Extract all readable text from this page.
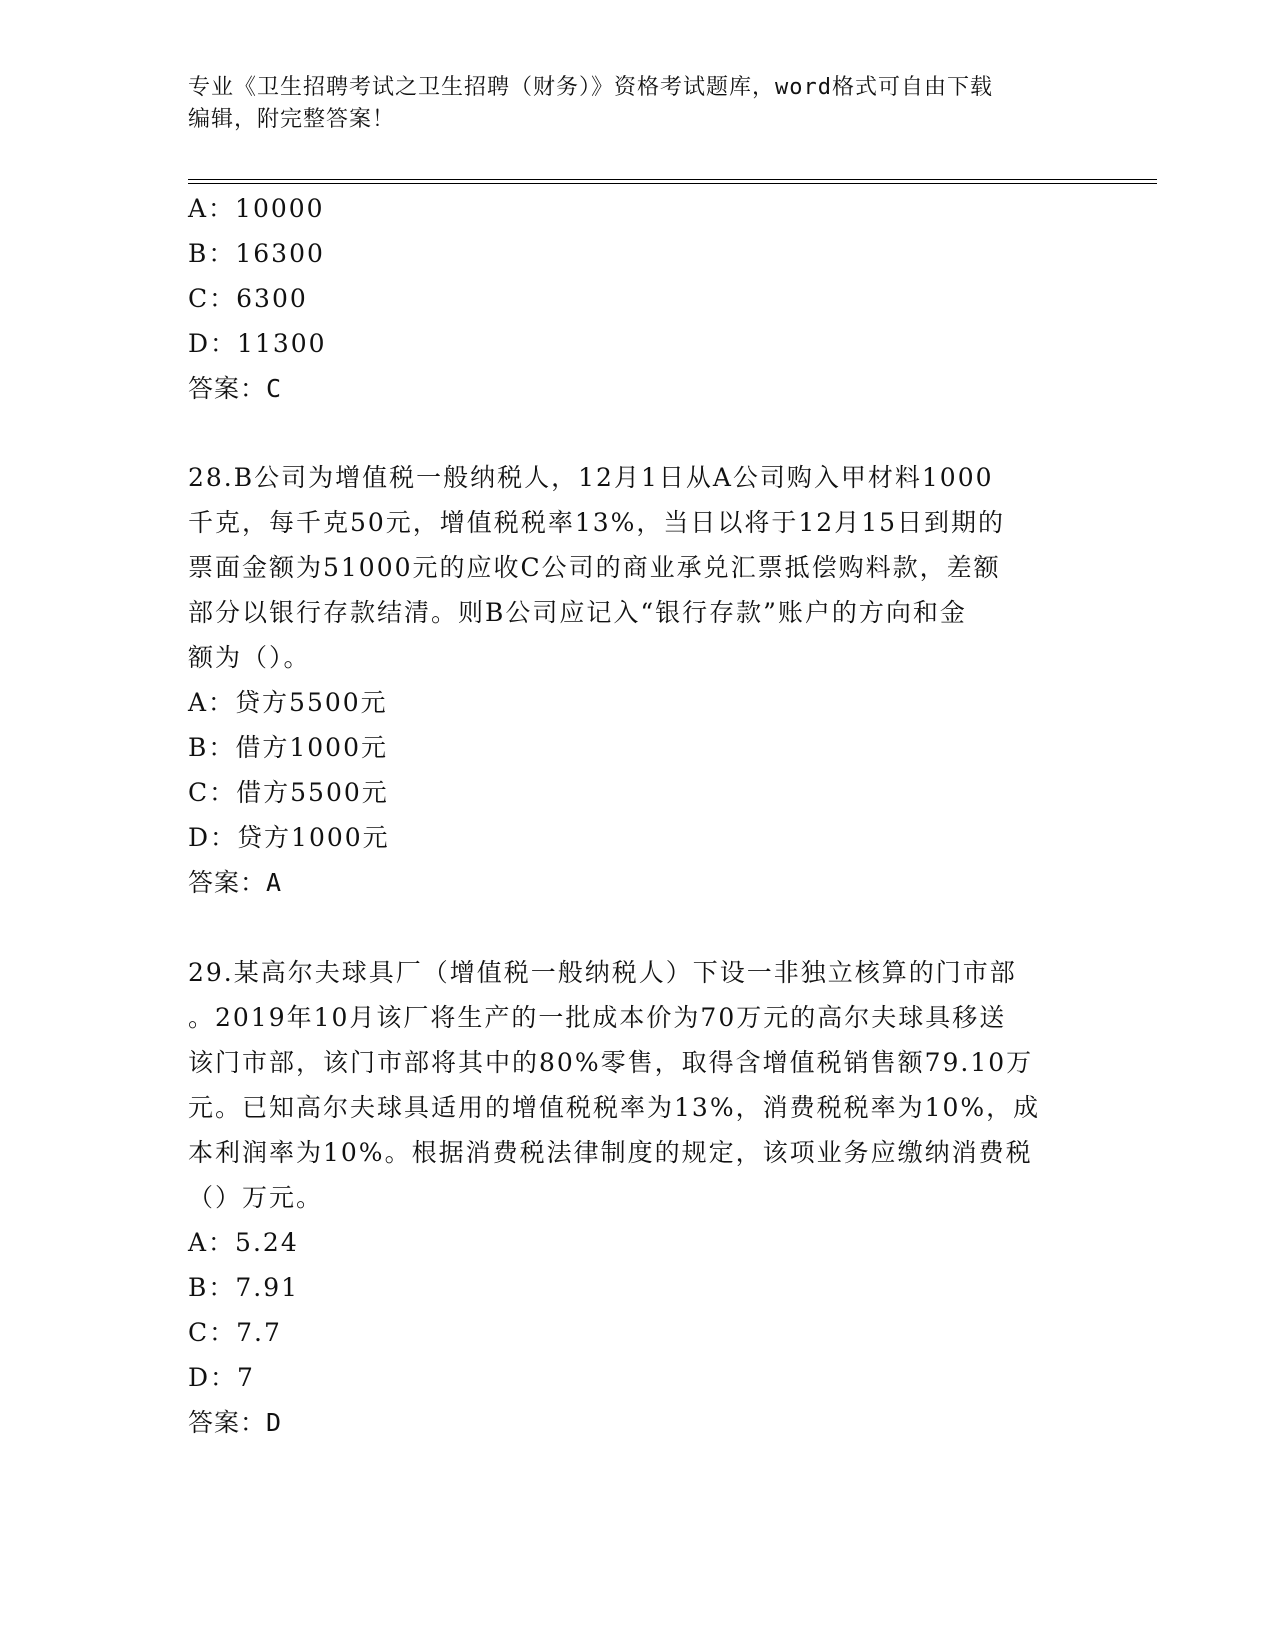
专业《卫生招聘考试之卫生招聘（财务）》资格考试题库，word格式可自由下载
编辑，附完整答案！
A：10000
B：16300
C：6300
D：11300
答案：C
28.B公司为增值税一般纳税人，12月1日从A公司购入甲材料1000
千克，每千克50元，增值税税率13%，当日以将于12月15日到期的
票面金额为51000元的应收C公司的商业承兑汇票抵偿购料款，差额
部分以银行存款结清。则B公司应记入“银行存款”账户的方向和金
额为（）。
A：贷方5500元
B：借方1000元
C：借方5500元
D：贷方1000元
答案：A
29.某高尔夫球具厂（增值税一般纳税人）下设一非独立核算的门市部
。2019年10月该厂将生产的一批成本价为70万元的高尔夫球具移送
该门市部，该门市部将其中的80%零售，取得含增值税销售额79.10万
元。已知高尔夫球具适用的增值税税率为13%，消费税税率为10%，成
本利润率为10%。根据消费税法律制度的规定，该项业务应缴纳消费税
（）万元。
A：5.24
B：7.91
C：7.7
D：7
答案：D
